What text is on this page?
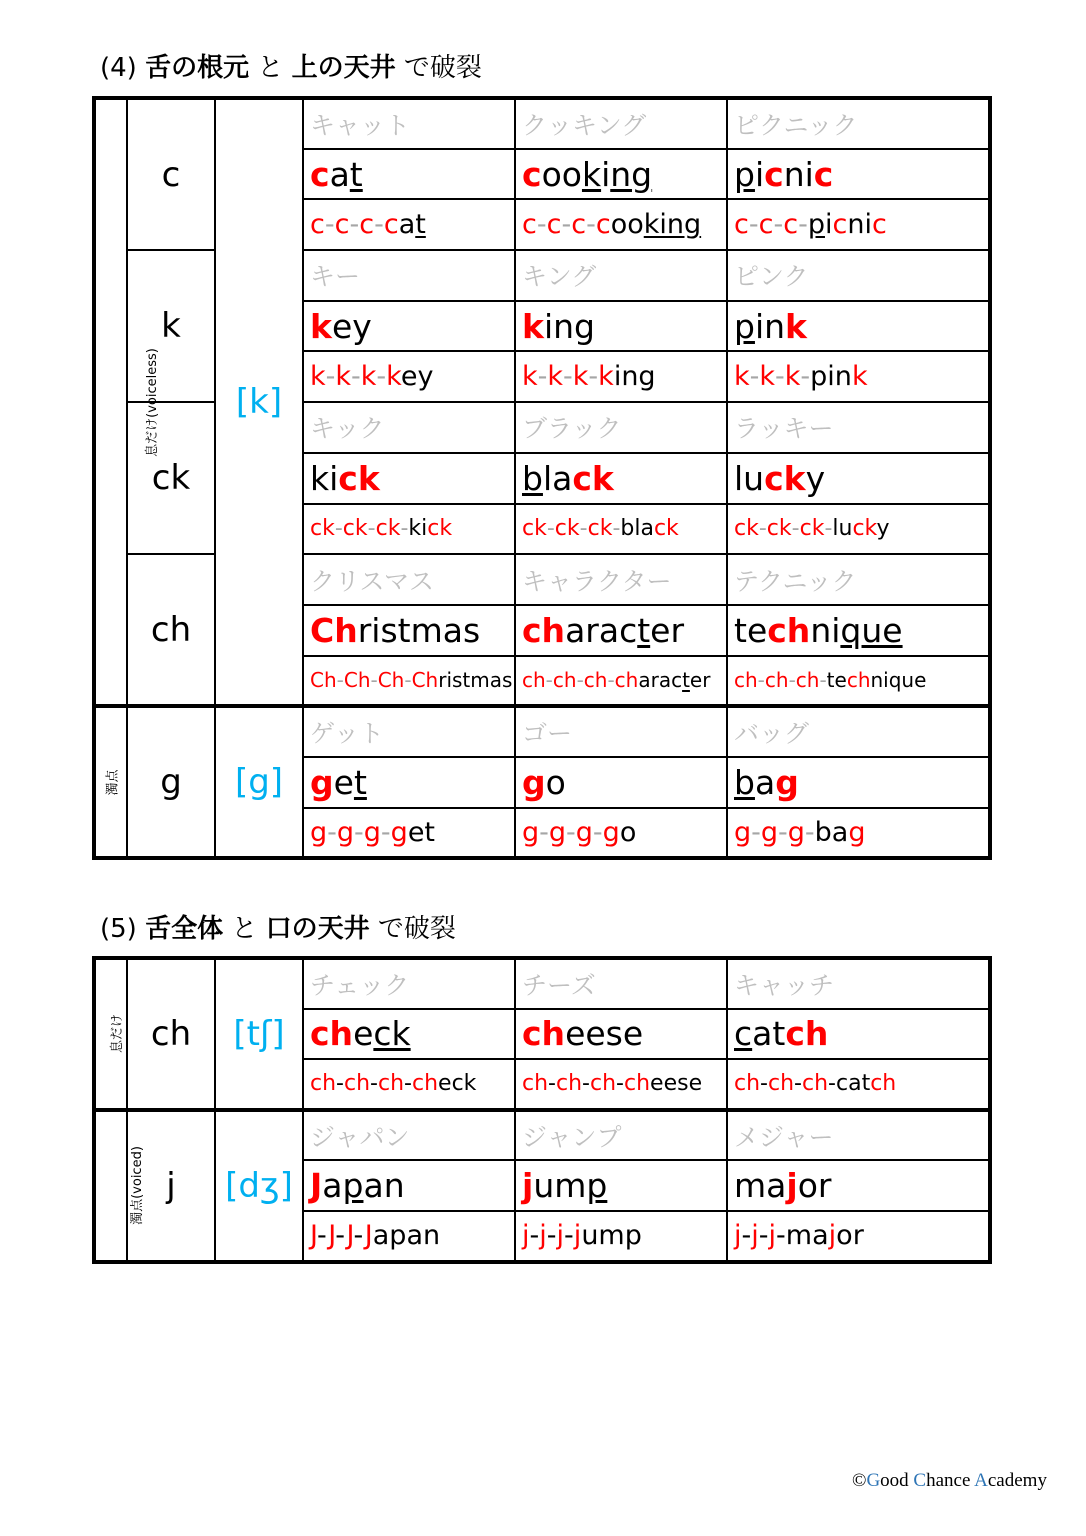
(4) 舌の根元 と 上の天井 で破裂
息だけ(voiceless)	c	[k]	キャット	クッキング	ピクニック

			cat	cooking	picnic

			c-c-c-cat	c-c-c-cooking	c-c-c-picnic

	k		キー	キング	ピンク

			key	king	pink

			k-k-k-key	k-k-k-king	k-k-k-pink

	ck		キック	ブラック	ラッキー

			kick	black	lucky

			ck-ck-ck-kick	ck-ck-ck-black	ck-ck-ck-lucky

	ch		クリスマス	キャラクター	テクニック

			Christmas	character	technique

			Ch-Ch-Ch-Christmas	ch-ch-ch-character	ch-ch-ch-technique

濁点	g	[g]	ゲット	ゴー	バッグ

			get	go	bag

			g-g-g-get	g-g-g-go	g-g-g-bag
(5) 舌全体 と 口の天井 で破裂
息だけ	ch	[tʃ]	チェック	チーズ	キャッチ

			check	cheese	catch

			ch-ch-ch-check	ch-ch-ch-cheese	ch-ch-ch-catch

濁点(voiced)	j	[dʒ]	ジャパン	ジャンプ	メジャー

			Japan	jump	major

			J-J-J-Japan	j-j-j-jump	j-j-j-major
©Good Chance Academy
